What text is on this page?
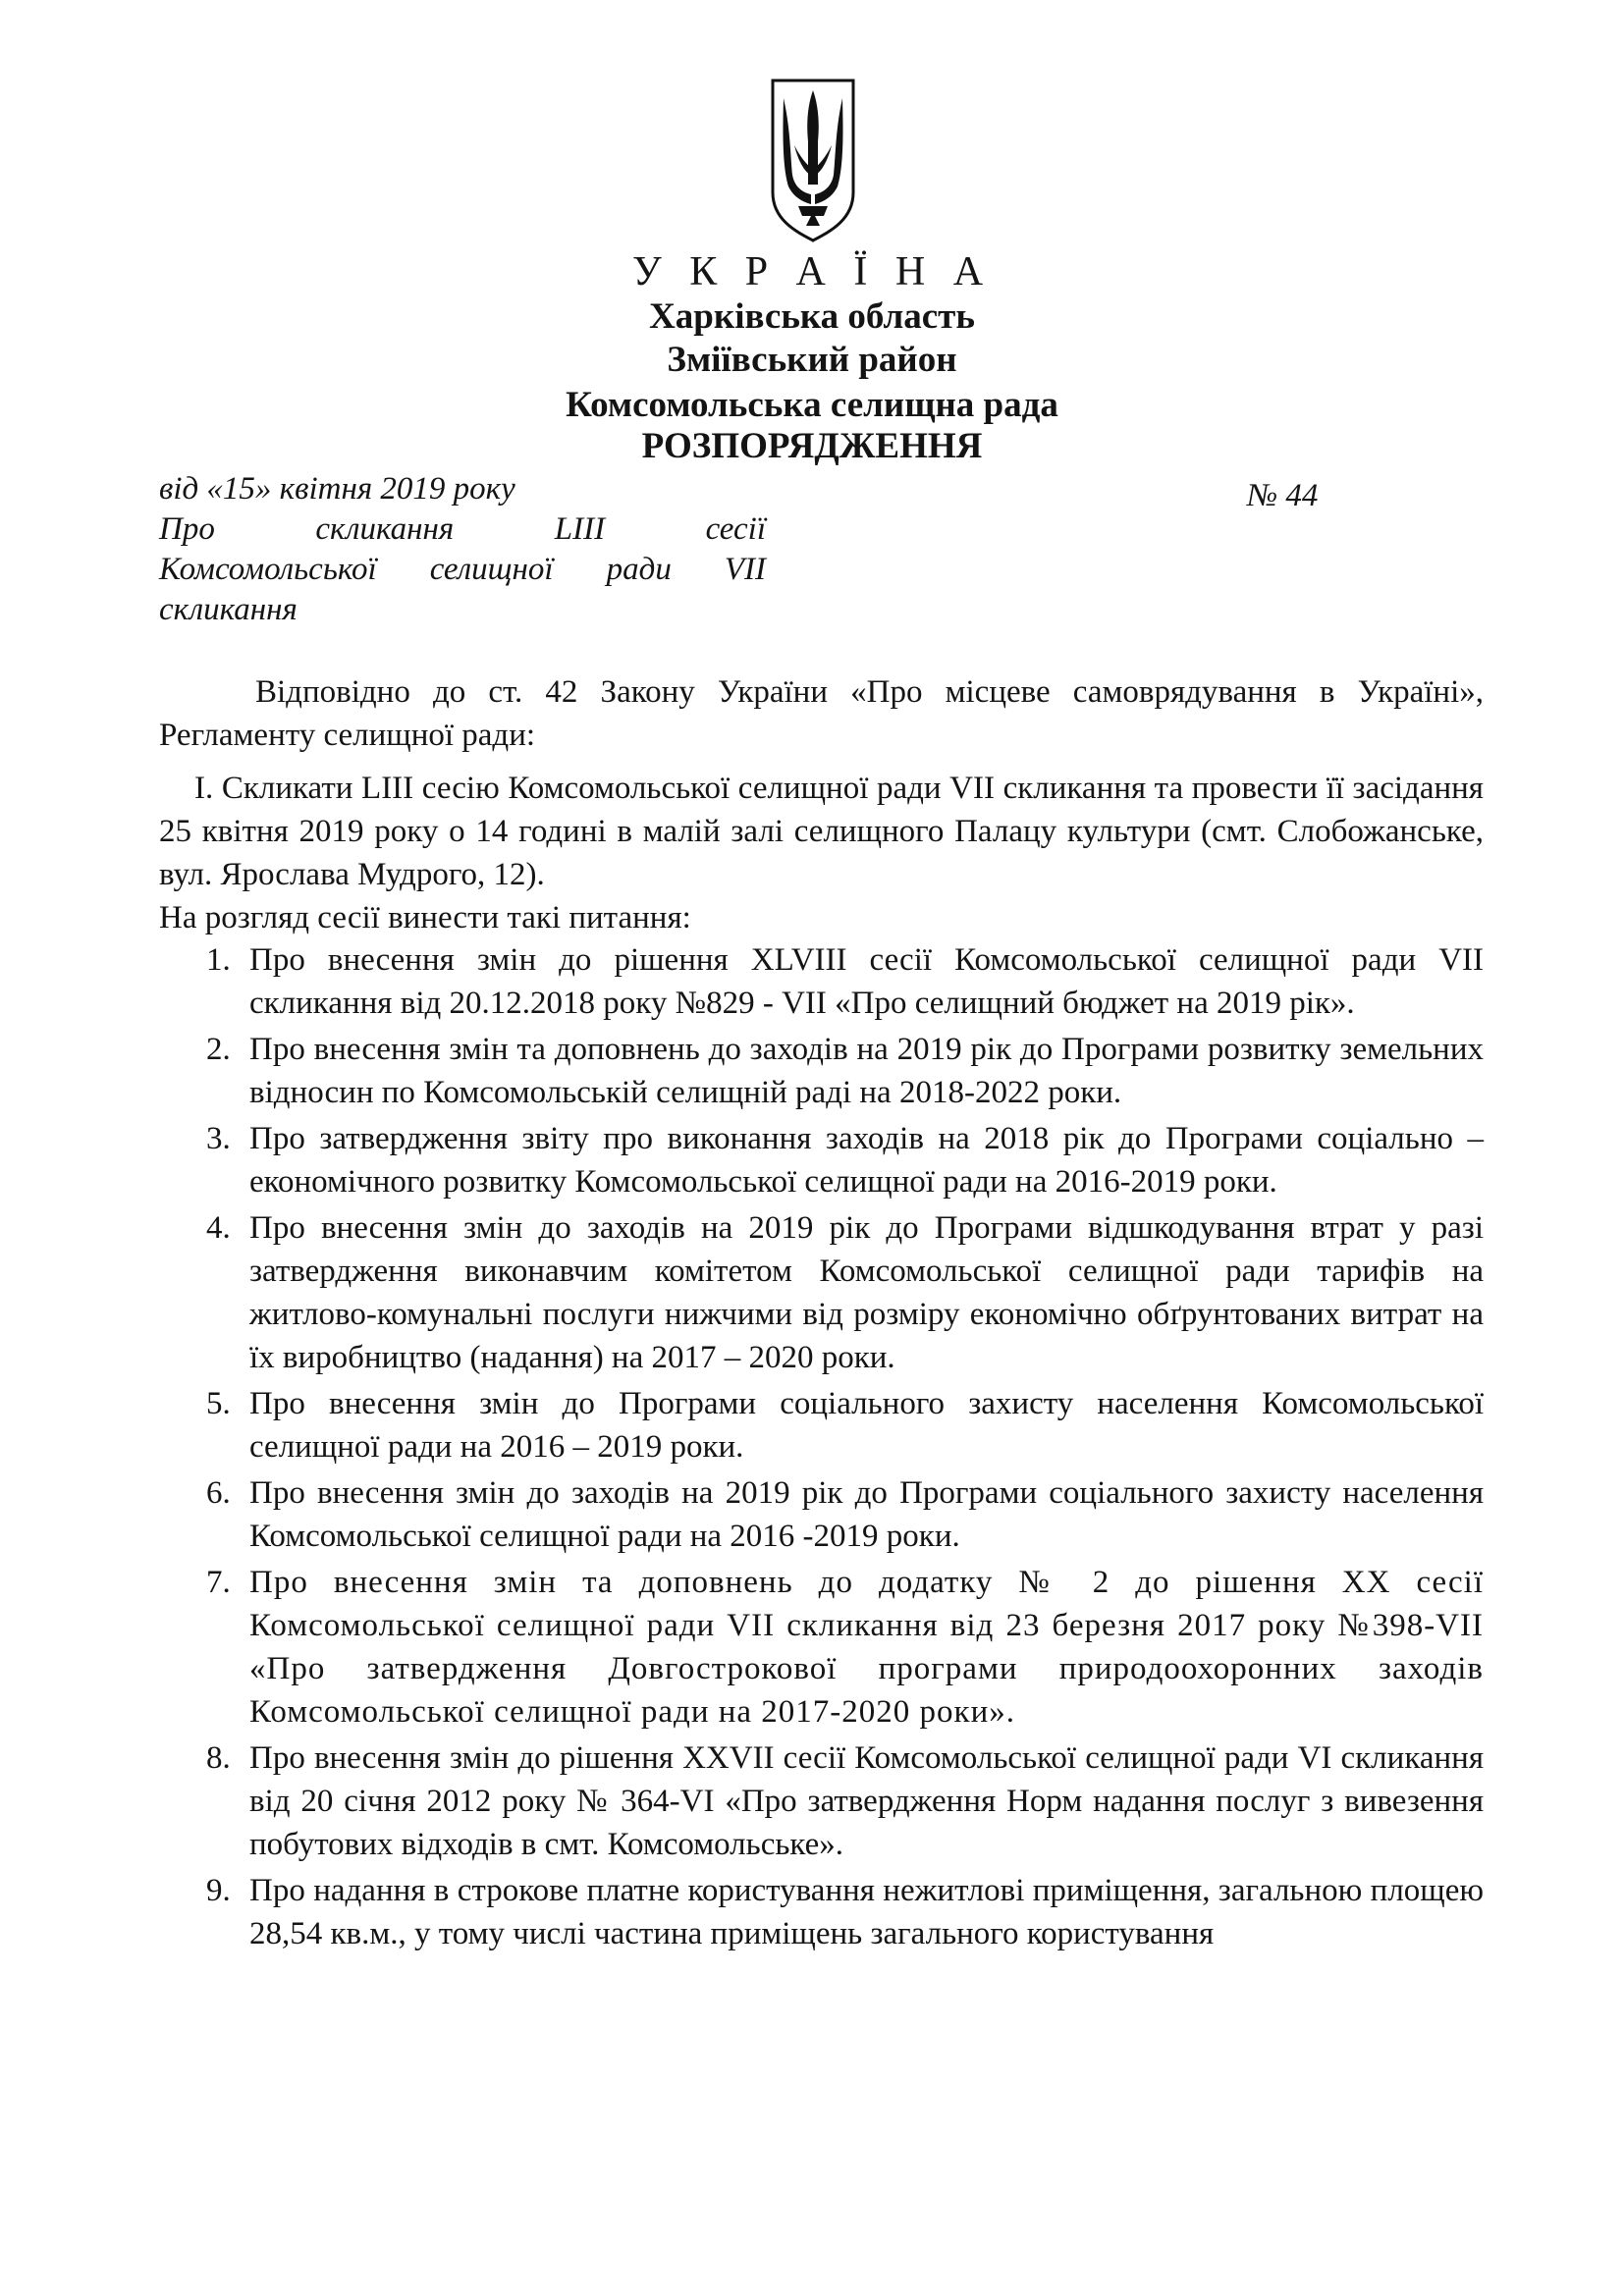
У К Р А Ї Н А
Харківська область
Зміївський район
Комсомольська селищна рада
РОЗПОРЯДЖЕННЯ
від «15» квітня 2019 року	№ 44
Про скликання LIII сесії
Комсомольської селищної ради VII
скликання
Відповідно до ст. 42 Закону України «Про місцеве самоврядування в Україні», Регламенту селищної ради:
І. Скликати LIII сесію Комсомольської селищної ради VII скликання та провести її засідання 25 квітня 2019 року о 14 годині в малій залі селищного Палацу культури (смт. Слобожанське, вул. Ярослава Мудрого, 12).
На розгляд сесії винести такі питання:
1. Про внесення змін до рішення XLVIII сесії Комсомольської селищної ради VII скликання від 20.12.2018 року №829 - VII «Про селищний бюджет на 2019 рік».
2. Про внесення змін та доповнень до заходів на 2019 рік до Програми розвитку земельних відносин по Комсомольській селищній раді на 2018-2022 роки.
3. Про затвердження звіту про виконання заходів на 2018 рік до Програми соціально – економічного розвитку Комсомольської селищної ради на 2016-2019 роки.
4. Про внесення змін до заходів на 2019 рік до Програми відшкодування втрат у разі затвердження виконавчим комітетом Комсомольської селищної ради тарифів на житлово-комунальні послуги нижчими від розміру економічно обґрунтованих витрат на їх виробництво (надання) на 2017 – 2020 роки.
5. Про внесення змін до Програми соціального захисту населення Комсомольської селищної ради на 2016 – 2019 роки.
6. Про внесення змін до заходів на 2019 рік до Програми соціального захисту населення Комсомольської селищної ради на 2016 -2019 роки.
7. Про внесення змін та доповнень до додатку № 2 до рішення XX сесії Комсомольської селищної ради VII скликання від 23 березня 2017 року №398-VII «Про затвердження Довгострокової програми природоохоронних заходів Комсомольської селищної ради на 2017-2020 роки».
8. Про внесення змін до рішення XXVII сесії Комсомольської селищної ради VI скликання від 20 січня 2012 року № 364-VI «Про затвердження Норм надання послуг з вивезення побутових відходів в смт. Комсомольське».
9. Про надання в строкове платне користування нежитлові приміщення, загальною площею 28,54 кв.м., у тому числі частина приміщень загального користування
